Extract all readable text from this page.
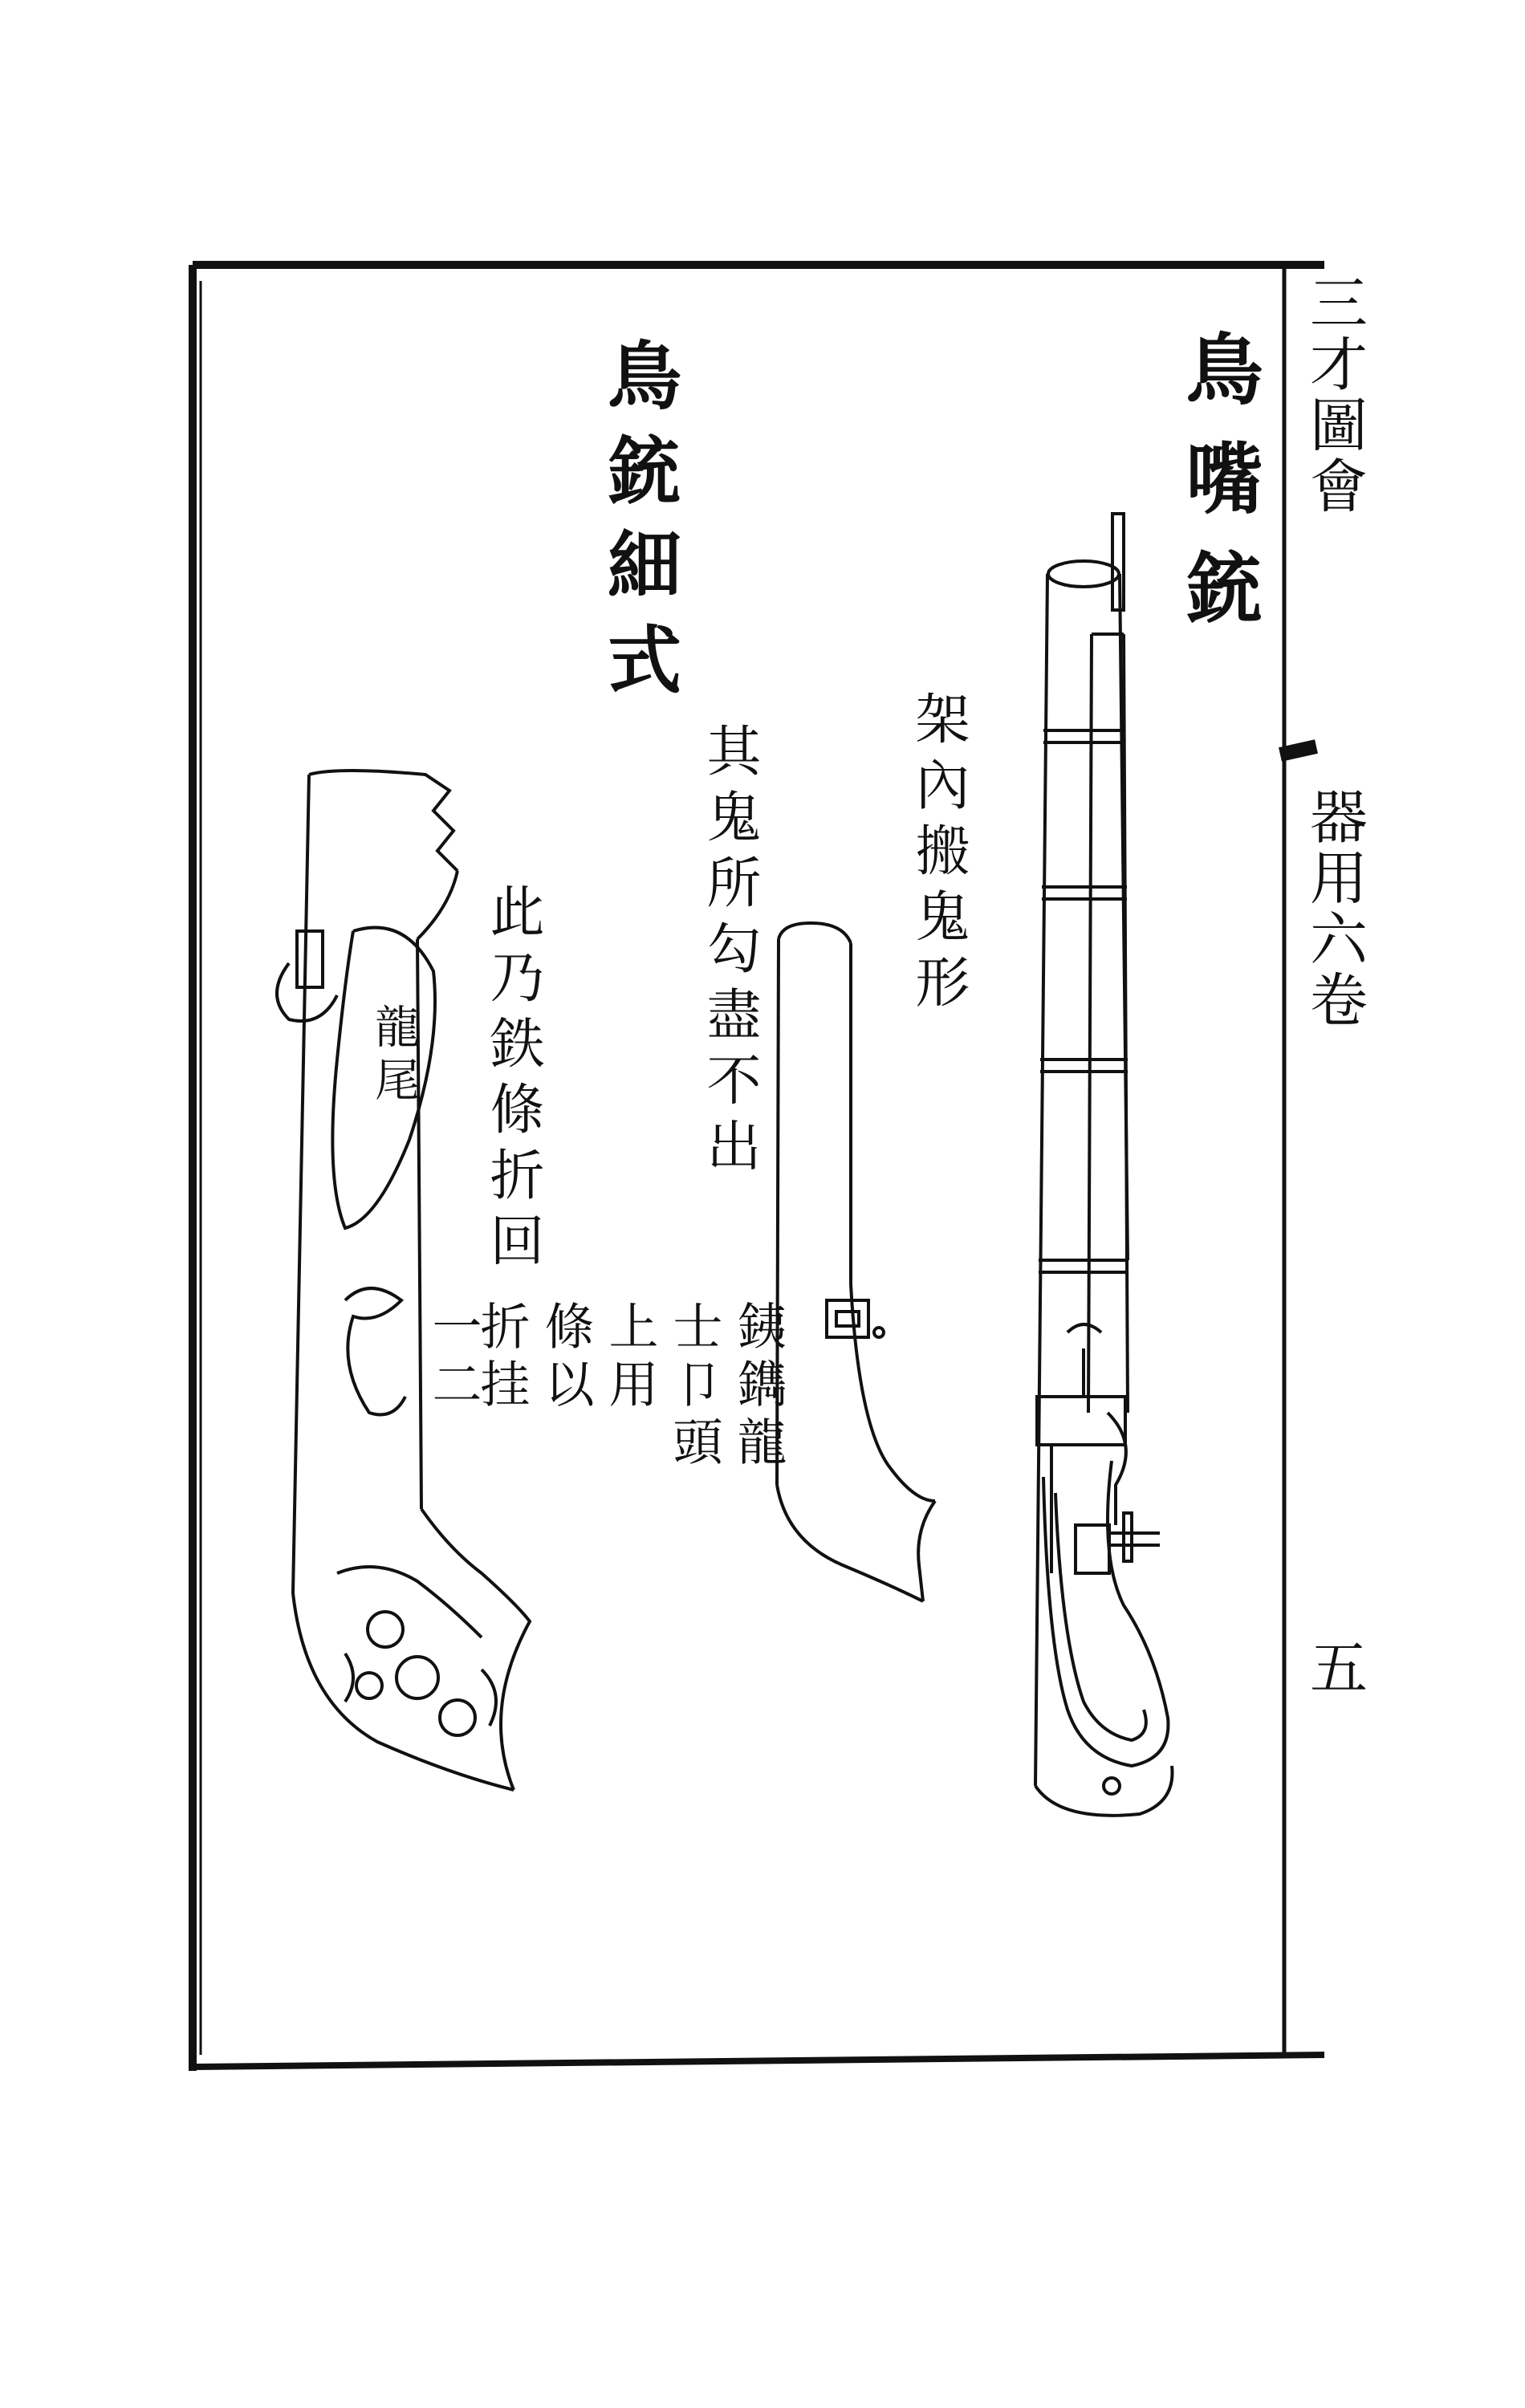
鳥嘴銃
鳥銃細式
架內搬鬼形
其鬼所勾盡不出
此乃鉄條折回
銕鐫龍
士卩頭
上用
條以
折挂
一二
龍尾
三才圖會
器用六卷
五
